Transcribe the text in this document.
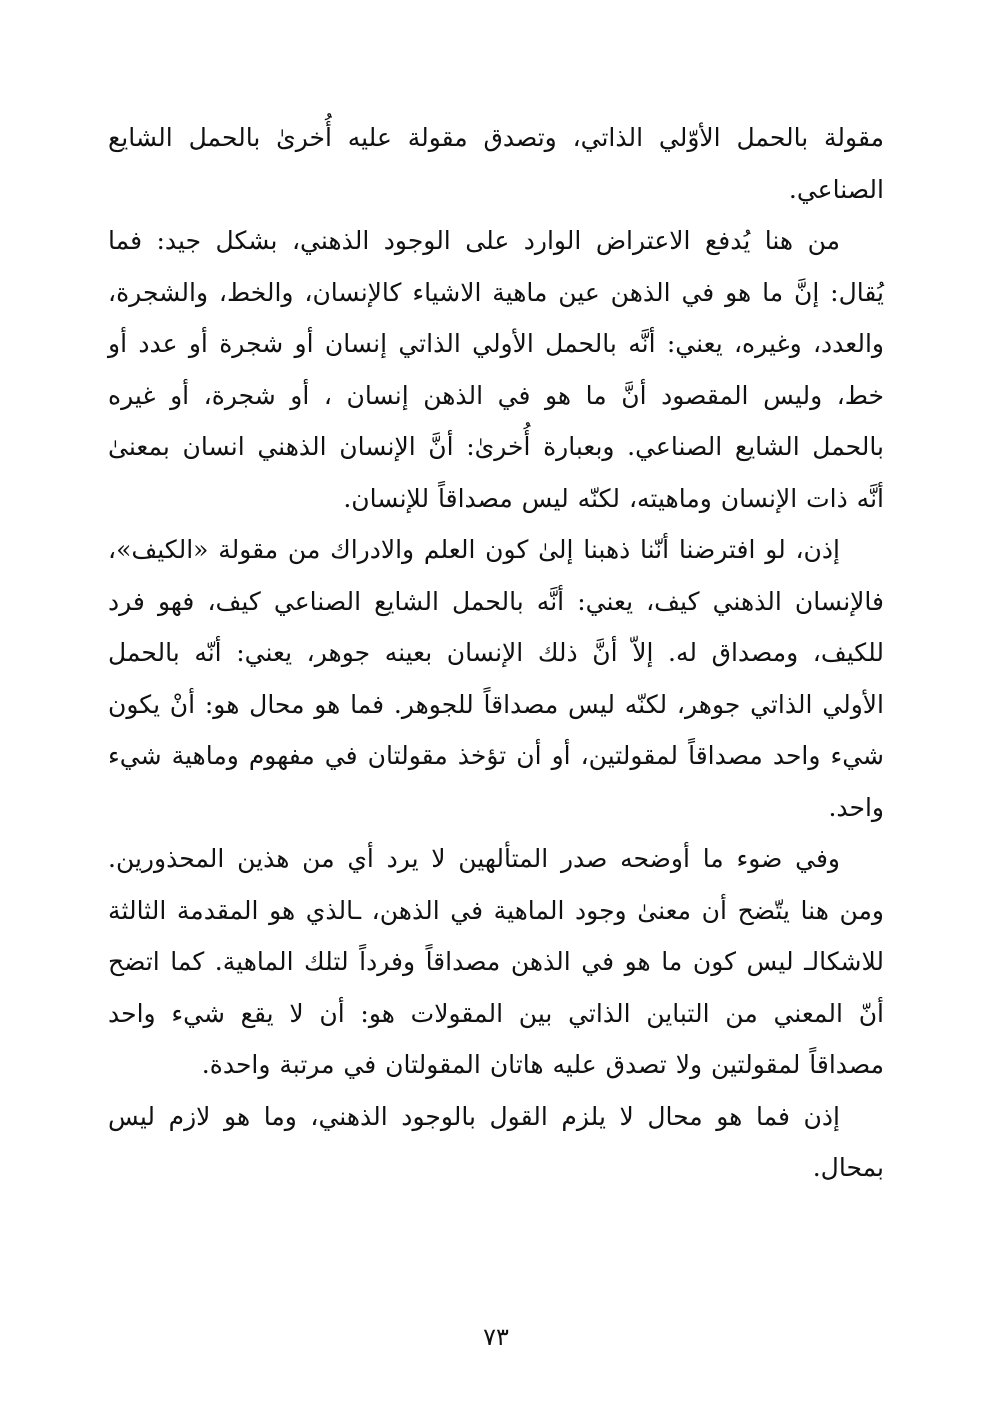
مقولة بالحمل الأوّلي الذاتي، وتصدق مقولة عليه أُخرىٰ بالحمل الشايع الصناعي.

من هنا يُدفع الاعتراض الوارد على الوجود الذهني، بشكل جيد: فما يُقال: إنَّ ما هو في الذهن عين ماهية الاشياء كالإنسان، والخط، والشجرة، والعدد، وغيره، يعني: أنَّه بالحمل الأولي الذاتي إنسان أو شجرة أو عدد أو خط، وليس المقصود أنَّ ما هو في الذهن إنسان ، أو شجرة، أو غيره بالحمل الشايع الصناعي. وبعبارة أُخرىٰ: أنَّ الإنسان الذهني انسان بمعنىٰ أنَّه ذات الإنسان وماهيته، لكنّه ليس مصداقاً للإنسان.

إذن، لو افترضنا أنّنا ذهبنا إلىٰ كون العلم والادراك من مقولة «الكيف»، فالإنسان الذهني كيف، يعني: أنَّه بالحمل الشايع الصناعي كيف، فهو فرد للكيف، ومصداق له. إلاّ أنَّ ذلك الإنسان بعينه جوهر، يعني: أنّه بالحمل الأولي الذاتي جوهر، لكنّه ليس مصداقاً للجوهر. فما هو محال هو: أنْ يكون شيء واحد مصداقاً لمقولتين، أو أن تؤخذ مقولتان في مفهوم وماهية شيء واحد.

وفي ضوء ما أوضحه صدر المتألهين لا يرد أي من هذين المحذورين. ومن هنا يتّضح أن معنىٰ وجود الماهية في الذهن، ـالذي هو المقدمة الثالثة للاشكالـ ليس كون ما هو في الذهن مصداقاً وفرداً لتلك الماهية. كما اتضح أنّ المعني من التباين الذاتي بين المقولات هو: أن لا يقع شيء واحد مصداقاً لمقولتين ولا تصدق عليه هاتان المقولتان في مرتبة واحدة.

إذن فما هو محال لا يلزم القول بالوجود الذهني، وما هو لازم ليس بمحال.

٧٣
